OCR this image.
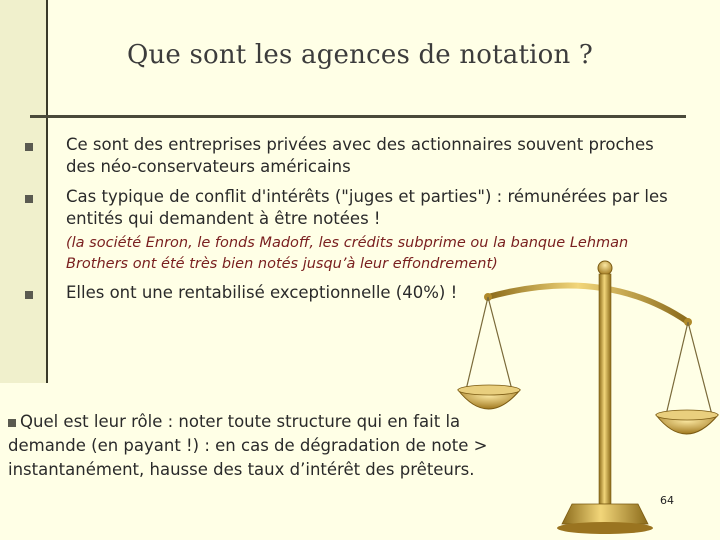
Que sont les agences de notation ?
Ce sont des entreprises privées avec des actionnaires souvent proches des néo-conservateurs américains
Cas typique de conflit d'intérêts ("juges et parties") : rémunérées par les entités qui demandent à être notées !
(la société Enron, le fonds Madoff, les crédits subprime ou la banque Lehman Brothers ont été très bien notés jusqu’à leur effondrement)
Elles ont une rentabilisé exceptionnelle (40%) !
Quel est leur rôle : noter toute structure qui en fait la demande (en payant !) : en cas de dégradation de note > instantanément, hausse des taux d’intérêt des prêteurs.
64
